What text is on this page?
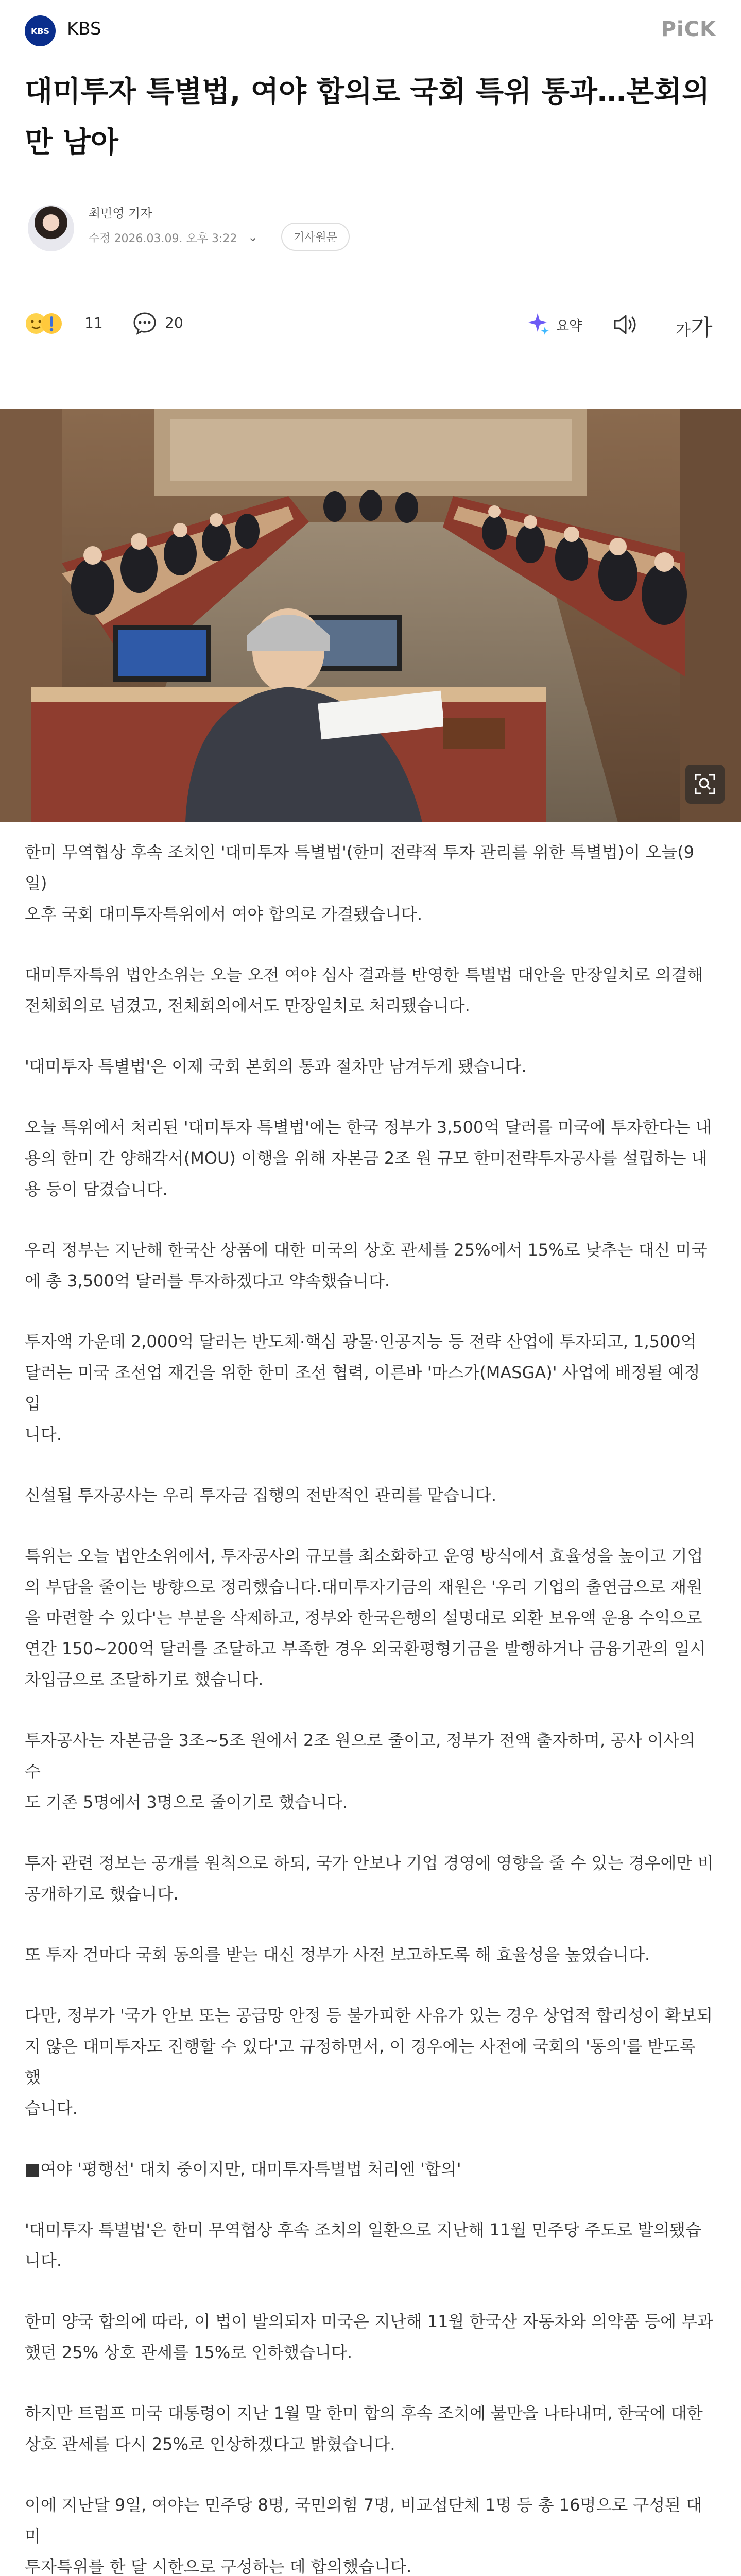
KBS KBS	PiCK
대미투자 특별법, 여야 합의로 국회 특위 통과…본회의만 남아
최민영 기자
수정 2026.03.09. 오후 3:22 ⌄	기사원문
11	20	요약	가가

한미 무역협상 후속 조치인 '대미투자 특별법'(한미 전략적 투자 관리를 위한 특별법)이 오늘(9일)
오후 국회 대미투자특위에서 여야 합의로 가결됐습니다.

대미투자특위 법안소위는 오늘 오전 여야 심사 결과를 반영한 특별법 대안을 만장일치로 의결해
전체회의로 넘겼고, 전체회의에서도 만장일치로 처리됐습니다.

'대미투자 특별법'은 이제 국회 본회의 통과 절차만 남겨두게 됐습니다.

오늘 특위에서 처리된 '대미투자 특별법'에는 한국 정부가 3,500억 달러를 미국에 투자한다는 내
용의 한미 간 양해각서(MOU) 이행을 위해 자본금 2조 원 규모 한미전략투자공사를 설립하는 내
용 등이 담겼습니다.

우리 정부는 지난해 한국산 상품에 대한 미국의 상호 관세를 25%에서 15%로 낮추는 대신 미국
에 총 3,500억 달러를 투자하겠다고 약속했습니다.

투자액 가운데 2,000억 달러는 반도체·핵심 광물·인공지능 등 전략 산업에 투자되고, 1,500억
달러는 미국 조선업 재건을 위한 한미 조선 협력, 이른바 '마스가(MASGA)' 사업에 배정될 예정입
니다.

신설될 투자공사는 우리 투자금 집행의 전반적인 관리를 맡습니다.

특위는 오늘 법안소위에서, 투자공사의 규모를 최소화하고 운영 방식에서 효율성을 높이고 기업
의 부담을 줄이는 방향으로 정리했습니다.대미투자기금의 재원은 '우리 기업의 출연금으로 재원
을 마련할 수 있다'는 부분을 삭제하고, 정부와 한국은행의 설명대로 외환 보유액 운용 수익으로
연간 150~200억 달러를 조달하고 부족한 경우 외국환평형기금을 발행하거나 금융기관의 일시
차입금으로 조달하기로 했습니다.

투자공사는 자본금을 3조~5조 원에서 2조 원으로 줄이고, 정부가 전액 출자하며, 공사 이사의 수
도 기존 5명에서 3명으로 줄이기로 했습니다.

투자 관련 정보는 공개를 원칙으로 하되, 국가 안보나 기업 경영에 영향을 줄 수 있는 경우에만 비
공개하기로 했습니다.

또 투자 건마다 국회 동의를 받는 대신 정부가 사전 보고하도록 해 효율성을 높였습니다.

다만, 정부가 '국가 안보 또는 공급망 안정 등 불가피한 사유가 있는 경우 상업적 합리성이 확보되
지 않은 대미투자도 진행할 수 있다'고 규정하면서, 이 경우에는 사전에 국회의 '동의'를 받도록 했
습니다.

■여야 '평행선' 대치 중이지만, 대미투자특별법 처리엔 '합의'

'대미투자 특별법'은 한미 무역협상 후속 조치의 일환으로 지난해 11월 민주당 주도로 발의됐습
니다.

한미 양국 합의에 따라, 이 법이 발의되자 미국은 지난해 11월 한국산 자동차와 의약품 등에 부과
했던 25% 상호 관세를 15%로 인하했습니다.

하지만 트럼프 미국 대통령이 지난 1월 말 한미 합의 후속 조치에 불만을 나타내며, 한국에 대한
상호 관세를 다시 25%로 인상하겠다고 밝혔습니다.

이에 지난달 9일, 여야는 민주당 8명, 국민의힘 7명, 비교섭단체 1명 등 총 16명으로 구성된 대미
투자특위를 한 달 시한으로 구성하는 데 합의했습니다.
